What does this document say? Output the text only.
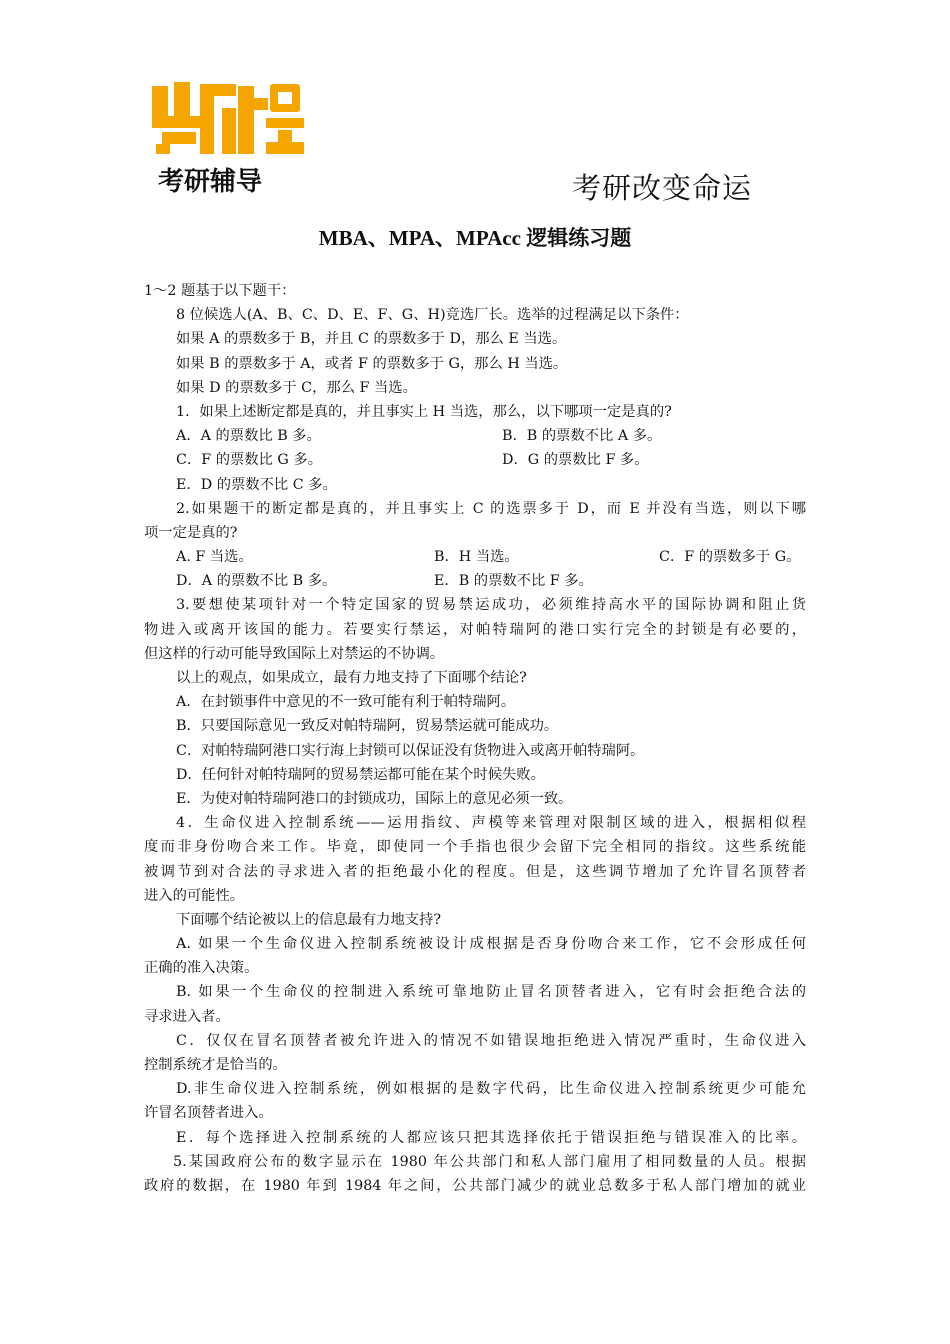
考研辅导	考研改变命运
MBA、MPA、MPAcc 逻辑练习题
1～2 题基于以下题干：
8 位候选人(A、B、C、D、E、F、G、H)竞选厂长。选举的过程满足以下条件：
如果 A 的票数多于 B，并且 C 的票数多于 D，那么 E 当选。
如果 B 的票数多于 A，或者 F 的票数多于 G，那么 H 当选。
如果 D 的票数多于 C，那么 F 当选。
1．如果上述断定都是真的，并且事实上 H 当选，那么，以下哪项一定是真的?
A．A 的票数比 B 多。	B．B 的票数不比 A 多。
C．F 的票数比 G 多。	D．G 的票数比 F 多。
E．D 的票数不比 C 多。
2.如果题干的断定都是真的，并且事实上 C 的选票多于 D，而 E 并没有当选，则以下哪
项一定是真的?
A. F 当选。	B．H 当选。	C．F 的票数多于 G。
D．A 的票数不比 B 多。	E．B 的票数不比 F 多。
3.要想使某项针对一个特定国家的贸易禁运成功，必须维持高水平的国际协调和阻止货
物进入或离开该国的能力。若要实行禁运，对帕特瑞阿的港口实行完全的封锁是有必要的，
但这样的行动可能导致国际上对禁运的不协调。
以上的观点，如果成立，最有力地支持了下面哪个结论?
A．在封锁事件中意见的不一致可能有利于帕特瑞阿。
B．只要国际意见一致反对帕特瑞阿，贸易禁运就可能成功。
C．对帕特瑞阿港口实行海上封锁可以保证没有货物进入或离开帕特瑞阿。
D．任何针对帕特瑞阿的贸易禁运都可能在某个时候失败。
E．为使对帕特瑞阿港口的封锁成功，国际上的意见必须一致。
4．生命仪进入控制系统——运用指纹、声模等来管理对限制区域的进入，根据相似程
度而非身份吻合来工作。毕竟，即使同一个手指也很少会留下完全相同的指纹。这些系统能
被调节到对合法的寻求进入者的拒绝最小化的程度。但是，这些调节增加了允许冒名顶替者
进入的可能性。
下面哪个结论被以上的信息最有力地支持?
A. 如果一个生命仪进入控制系统被设计成根据是否身份吻合来工作，它不会形成任何
正确的准入决策。
B. 如果一个生命仪的控制进入系统可靠地防止冒名顶替者进入，它有时会拒绝合法的
寻求进入者。
C．仅仅在冒名顶替者被允许进入的情况不如错误地拒绝进入情况严重时，生命仪进入
控制系统才是恰当的。
D.非生命仪进入控制系统，例如根据的是数字代码，比生命仪进入控制系统更少可能允
许冒名顶替者进入。
E．每个选择进入控制系统的人都应该只把其选择依托于错误拒绝与错误准入的比率。
5.某国政府公布的数字显示在 1980 年公共部门和私人部门雇用了相同数量的人员。根据
政府的数据，在 1980 年到 1984 年之间，公共部门减少的就业总数多于私人部门增加的就业
